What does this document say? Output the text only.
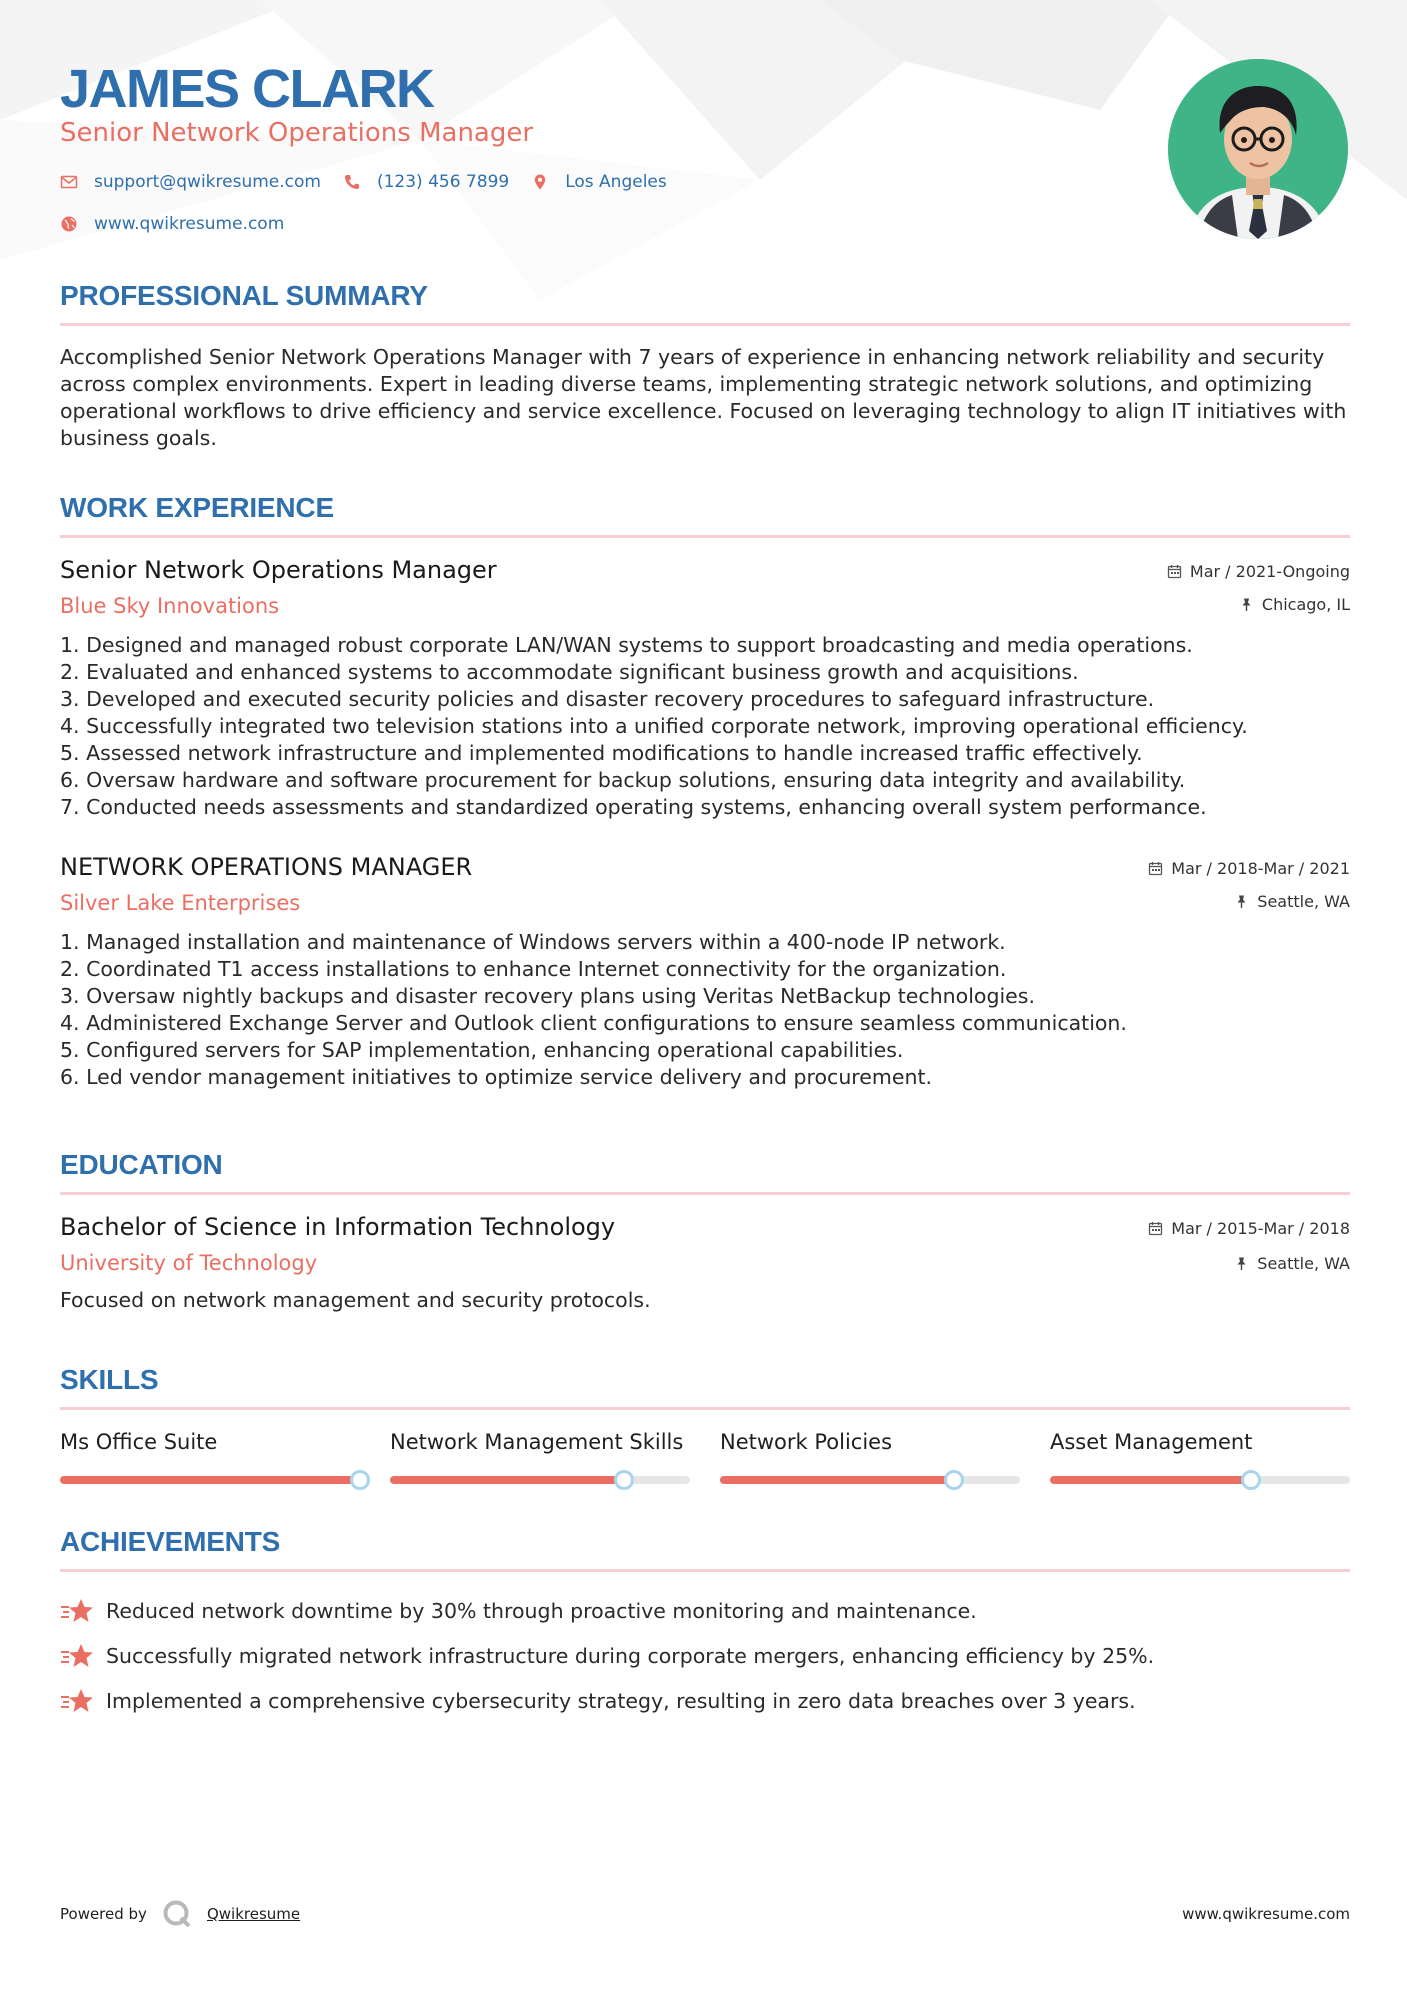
JAMES CLARK
Senior Network Operations Manager
support@qwikresume.com	(123) 456 7899	Los Angeles
www.qwikresume.com
PROFESSIONAL SUMMARY
Accomplished Senior Network Operations Manager with 7 years of experience in enhancing network reliability and security across complex environments. Expert in leading diverse teams, implementing strategic network solutions, and optimizing operational workflows to drive efficiency and service excellence. Focused on leveraging technology to align IT initiatives with business goals.
WORK EXPERIENCE
Senior Network Operations Manager
Blue Sky Innovations
Mar / 2021-Ongoing
Chicago, IL
1. Designed and managed robust corporate LAN/WAN systems to support broadcasting and media operations.
2. Evaluated and enhanced systems to accommodate significant business growth and acquisitions.
3. Developed and executed security policies and disaster recovery procedures to safeguard infrastructure.
4. Successfully integrated two television stations into a unified corporate network, improving operational efficiency.
5. Assessed network infrastructure and implemented modifications to handle increased traffic effectively.
6. Oversaw hardware and software procurement for backup solutions, ensuring data integrity and availability.
7. Conducted needs assessments and standardized operating systems, enhancing overall system performance.
NETWORK OPERATIONS MANAGER
Silver Lake Enterprises
Mar / 2018-Mar / 2021
Seattle, WA
1. Managed installation and maintenance of Windows servers within a 400-node IP network.
2. Coordinated T1 access installations to enhance Internet connectivity for the organization.
3. Oversaw nightly backups and disaster recovery plans using Veritas NetBackup technologies.
4. Administered Exchange Server and Outlook client configurations to ensure seamless communication.
5. Configured servers for SAP implementation, enhancing operational capabilities.
6. Led vendor management initiatives to optimize service delivery and procurement.
EDUCATION
Bachelor of Science in Information Technology
University of Technology
Mar / 2015-Mar / 2018
Seattle, WA
Focused on network management and security protocols.
SKILLS
Ms Office Suite	Network Management Skills	Network Policies	Asset Management
ACHIEVEMENTS
Reduced network downtime by 30% through proactive monitoring and maintenance.
Successfully migrated network infrastructure during corporate mergers, enhancing efficiency by 25%.
Implemented a comprehensive cybersecurity strategy, resulting in zero data breaches over 3 years.
Powered by	Qwikresume	www.qwikresume.com
